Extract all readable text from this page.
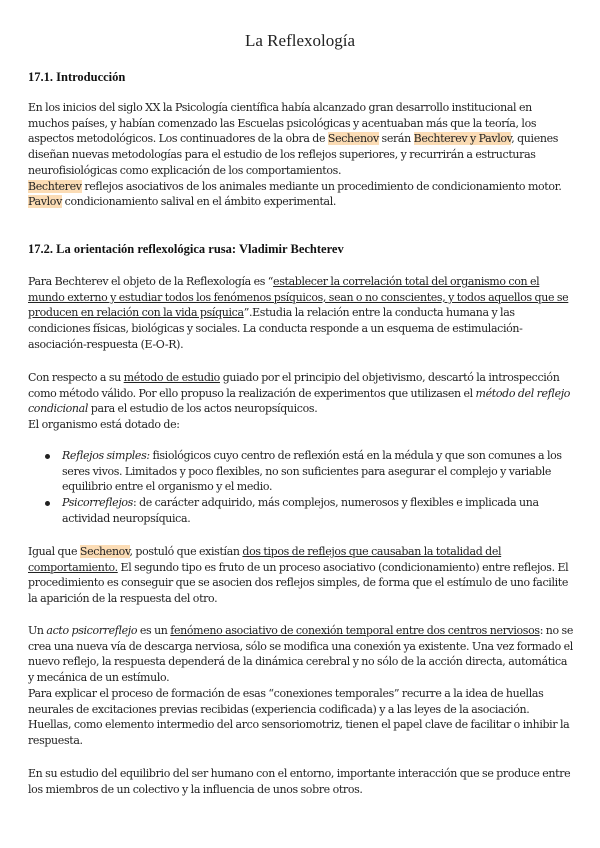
La Reflexología
17.1. Introducción

En los inicios del siglo XX la Psicología científica había alcanzado gran desarrollo institucional en muchos países, y habían comenzado las Escuelas psicológicas y acentuaban más que la teoría, los aspectos metodológicos. Los continuadores de la obra de Sechenov serán Bechterev y Pavlov, quienes diseñan nuevas metodologías para el estudio de los reflejos superiores, y recurrirán a estructuras neurofisiológicas como explicación de los comportamientos.

Bechterev reflejos asociativos de los animales mediante un procedimiento de condicionamiento motor.

Pavlov condicionamiento salival en el ámbito experimental.

17.2. La orientación reflexológica rusa: Vladimir Bechterev

Para Bechterev el objeto de la Reflexología es “establecer la correlación total del organismo con el mundo externo y estudiar todos los fenómenos psíquicos, sean o no conscientes, y todos aquellos que se producen en relación con la vida psíquica”.Estudia la relación entre la conducta humana y las condiciones físicas, biológicas y sociales. La conducta responde a un esquema de estimulación-asociación-respuesta (E-O-R).

Con respecto a su método de estudio guiado por el principio del objetivismo, descartó la introspección como método válido. Por ello propuso la realización de experimentos que utilizasen el método del reflejo condicional para el estudio de los actos neuropsíquicos.

El organismo está dotado de:

Reflejos simples: fisiológicos cuyo centro de reflexión está en la médula y que son comunes a los seres vivos. Limitados y poco flexibles, no son suficientes para asegurar el complejo y variable equilibrio entre el organismo y el medio.
Psicorreflejos: de carácter adquirido, más complejos, numerosos y flexibles e implicada una actividad neuropsíquica.

Igual que Sechenov, postuló que existían dos tipos de reflejos que causaban la totalidad del comportamiento. El segundo tipo es fruto de un proceso asociativo (condicionamiento) entre reflejos. El procedimiento es conseguir que se asocien dos reflejos simples, de forma que el estímulo de uno facilite la aparición de la respuesta del otro.

Un acto psicorreflejo es un fenómeno asociativo de conexión temporal entre dos centros nerviosos: no se crea una nueva vía de descarga nerviosa, sólo se modifica una conexión ya existente. Una vez formado el nuevo reflejo, la respuesta dependerá de la dinámica cerebral y no sólo de la acción directa, automática y mecánica de un estímulo.

Para explicar el proceso de formación de esas “conexiones temporales” recurre a la idea de huellas neurales de excitaciones previas recibidas (experiencia codificada) y a las leyes de la asociación. Huellas, como elemento intermedio del arco sensoriomotriz, tienen el papel clave de facilitar o inhibir la respuesta.

En su estudio del equilibrio del ser humano con el entorno, importante interacción que se produce entre los miembros de un colectivo y la influencia de unos sobre otros.
